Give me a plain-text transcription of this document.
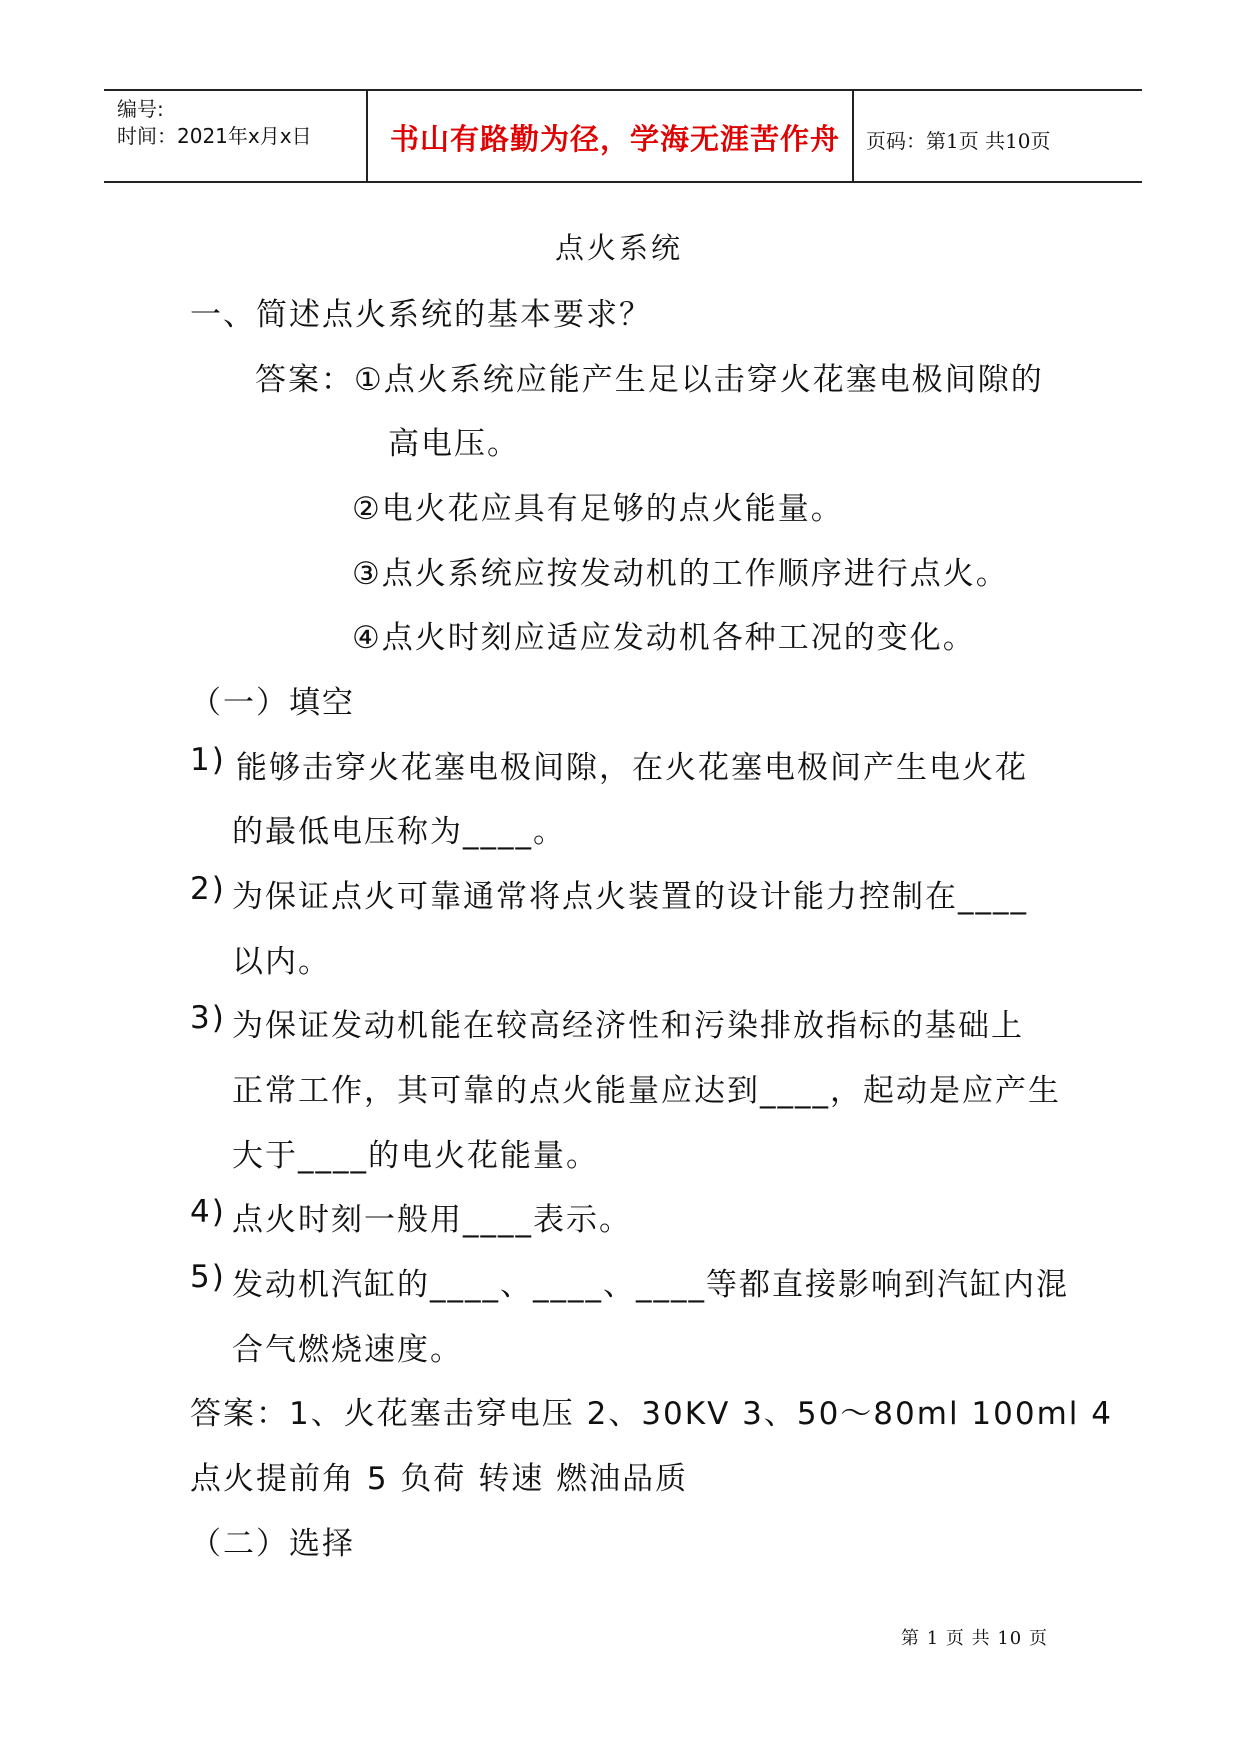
编号:
时间：2021年x月x日	书山有路勤为径，学海无涯苦作舟 页码：第1页 共10页
点火系统
一、简述点火系统的基本要求？
答案：①点火系统应能产生足以击穿火花塞电极间隙的
高电压。
②电火花应具有足够的点火能量。
③点火系统应按发动机的工作顺序进行点火。
④点火时刻应适应发动机各种工况的变化。
（一）填空
1) 能够击穿火花塞电极间隙，在火花塞电极间产生电火花
的最低电压称为____。
2) 为保证点火可靠通常将点火装置的设计能力控制在____
以内。
3) 为保证发动机能在较高经济性和污染排放指标的基础上
正常工作，其可靠的点火能量应达到____，起动是应产生
大于____的电火花能量。
4) 点火时刻一般用____表示。
5) 发动机汽缸的____、____、____等都直接影响到汽缸内混
合气燃烧速度。
答案：1、火花塞击穿电压 2、30KV 3、50～80ml 100ml 4
点火提前角 5 负荷 转速 燃油品质
（二）选择
第 1 页 共 10 页
